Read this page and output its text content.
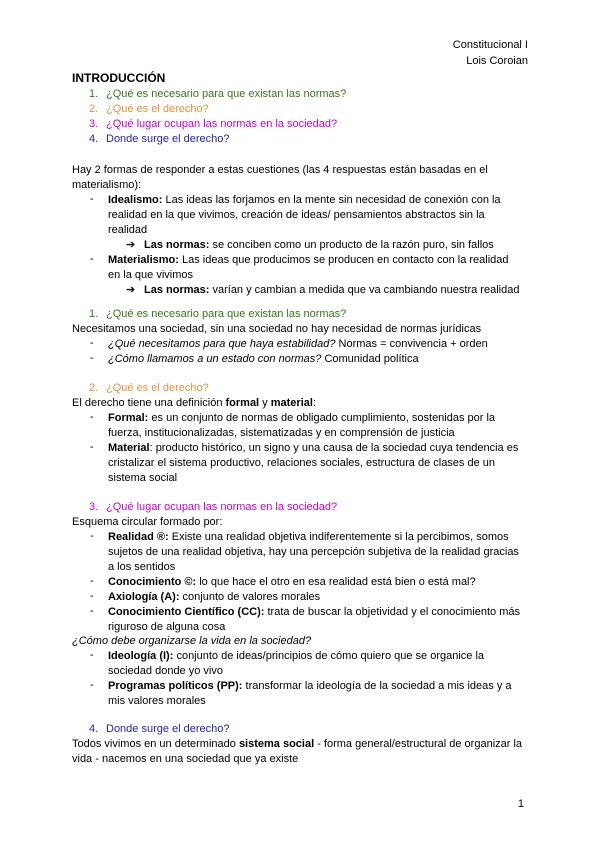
Constitucional I
Lois Coroian
INTRODUCCIÓN
1. ¿Qué es necesario para que existan las normas?
2. ¿Qué es el derecho?
3. ¿Qué lugar ocupan las normas en la sociedad?
4. Donde surge el derecho?
Hay 2 formas de responder a estas cuestiones (las 4 respuestas están basadas en el
materialismo):
- Idealismo: Las ideas las forjamos en la mente sin necesidad de conexión con la
realidad en la que vivimos, creación de ideas/ pensamientos abstractos sin la
realidad
➔ Las normas: se conciben como un producto de la razón puro, sin fallos
- Materialismo: Las ideas que producimos se producen en contacto con la realidad
en la que vivimos
➔ Las normas: varían y cambian a medida que va cambiando nuestra realidad
1. ¿Qué es necesario para que existan las normas?
Necesitamos una sociedad, sin una sociedad no hay necesidad de normas jurídicas
- ¿Qué necesitamos para que haya estabilidad? Normas = convivencia + orden
- ¿Cómo llamamos a un estado con normas? Comunidad política
2. ¿Qué es el derecho?
El derecho tiene una definición formal y material:
- Formal: es un conjunto de normas de obligado cumplimiento, sostenidas por la
fuerza, institucionalizadas, sistematizadas y en comprensión de justicia
- Material: producto histórico, un signo y una causa de la sociedad cuya tendencia es
cristalizar el sistema productivo, relaciones sociales, estructura de clases de un
sistema social
3. ¿Qué lugar ocupan las normas en la sociedad?
Esquema circular formado por:
- Realidad ®: Existe una realidad objetiva indiferentemente si la percibimos, somos
sujetos de una realidad objetiva, hay una percepción subjetiva de la realidad gracias
a los sentidos
- Conocimiento ©: lo que hace el otro en esa realidad está bien o está mal?
- Axiología (A): conjunto de valores morales
- Conocimiento Científico (CC): trata de buscar la objetividad y el conocimiento más
riguroso de alguna cosa
¿Cómo debe organizarse la vida en la sociedad?
- Ideología (I): conjunto de ideas/principios de cómo quiero que se organice la
sociedad donde yo vivo
- Programas políticos (PP): transformar la ideología de la sociedad a mis ideas y a
mis valores morales
4. Donde surge el derecho?
Todos vivimos en un determinado sistema social - forma general/estructural de organizar la
vida - nacemos en una sociedad que ya existe
1
